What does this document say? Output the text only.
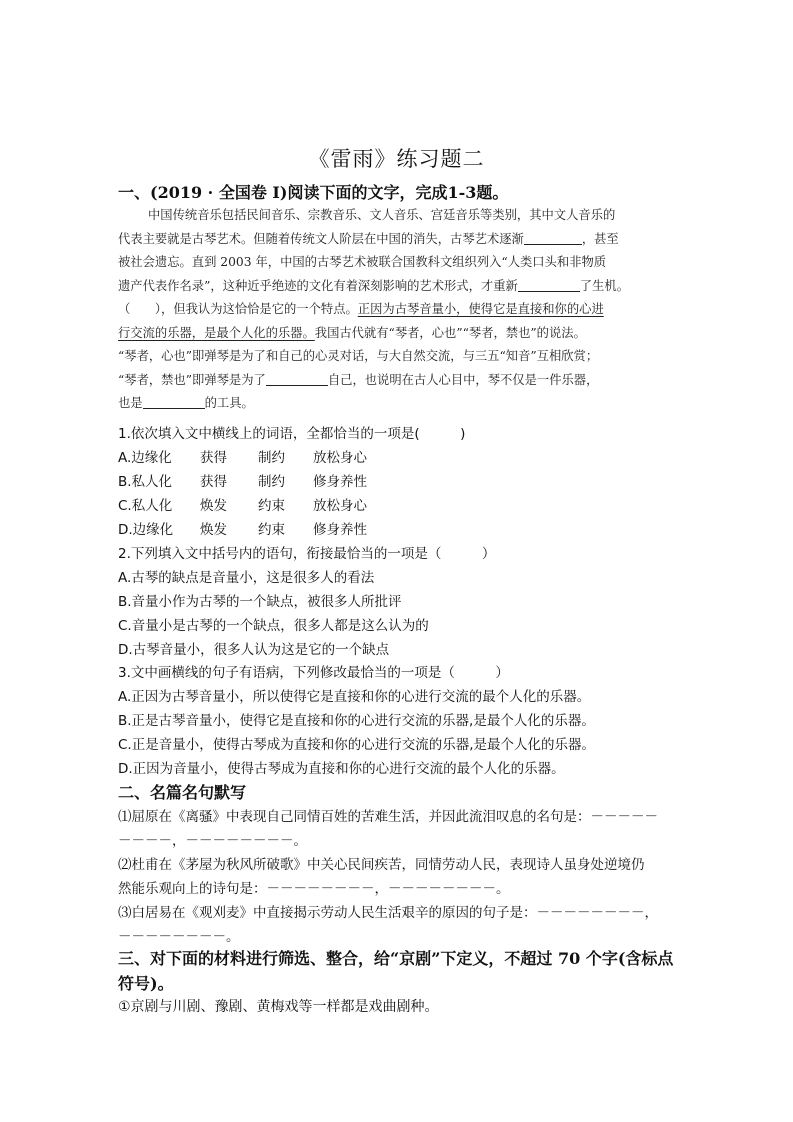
《雷雨》练习题二
一、(2019 · 全国卷 I)阅读下面的文字，完成1-3题。
中国传统音乐包括民间音乐、宗教音乐、文人音乐、宫廷音乐等类别，其中文人音乐的
代表主要就是古琴艺术。但随着传统文人阶层在中国的消失，古琴艺术逐渐	，甚至
被社会遗忘。直到 2003 年，中国的古琴艺术被联合国教科文组织列入“人类口头和非物质
遗产代表作名录”，这种近乎绝迹的文化有着深刻影响的艺术形式，才重新	了生机。
（　　），但我认为这恰恰是它的一个特点。正因为古琴音量小，使得它是直接和你的心进
行交流的乐器，是最个人化的乐器。我国古代就有“琴者，心也”“琴者，禁也”的说法。
“琴者，心也”即弹琴是为了和自己的心灵对话，与大自然交流，与三五“知音”互相欣赏；
“琴者，禁也”即弹琴是为了	自己，也说明在古人心目中，琴不仅是一件乐器，
也是	的工具。
1.依次填入文中横线上的词语，全都恰当的一项是(　　　)
A.边缘化 获得 制约 放松身心
B.私人化 获得 制约 修身养性
C.私人化 焕发 约束 放松身心
D.边缘化 焕发 约束 修身养性
2.下列填入文中括号内的语句，衔接最恰当的一项是（　　　）
A.古琴的缺点是音量小，这是很多人的看法
B.音量小作为古琴的一个缺点，被很多人所批评
C.音量小是古琴的一个缺点，很多人都是这么认为的
D.古琴音量小，很多人认为这是它的一个缺点
3.文中画横线的句子有语病，下列修改最恰当的一项是（　　　）
A.正因为古琴音量小，所以使得它是直接和你的心进行交流的最个人化的乐器。
B.正是古琴音量小，使得它是直接和你的心进行交流的乐器,是最个人化的乐器。
C.正是音量小，使得古琴成为直接和你的心进行交流的乐器,是最个人化的乐器。
D.正因为音量小，使得古琴成为直接和你的心进行交流的最个人化的乐器。
二、名篇名句默写
⑴屈原在《离骚》中表现自己同情百姓的苦难生活，并因此流泪叹息的名句是：－－－－－
－－－－，－－－－－－－－。
⑵杜甫在《茅屋为秋风所破歌》中关心民间疾苦，同情劳动人民，表现诗人虽身处逆境仍
然能乐观向上的诗句是：－－－－－－－－，－－－－－－－－。
⑶白居易在《观刈麦》中直接揭示劳动人民生活艰辛的原因的句子是：－－－－－－－－，
－－－－－－－－。
三、对下面的材料进行筛选、整合，给“京剧”下定义，不超过 70 个字(含标点符号)。
①京剧与川剧、豫剧、黄梅戏等一样都是戏曲剧种。
